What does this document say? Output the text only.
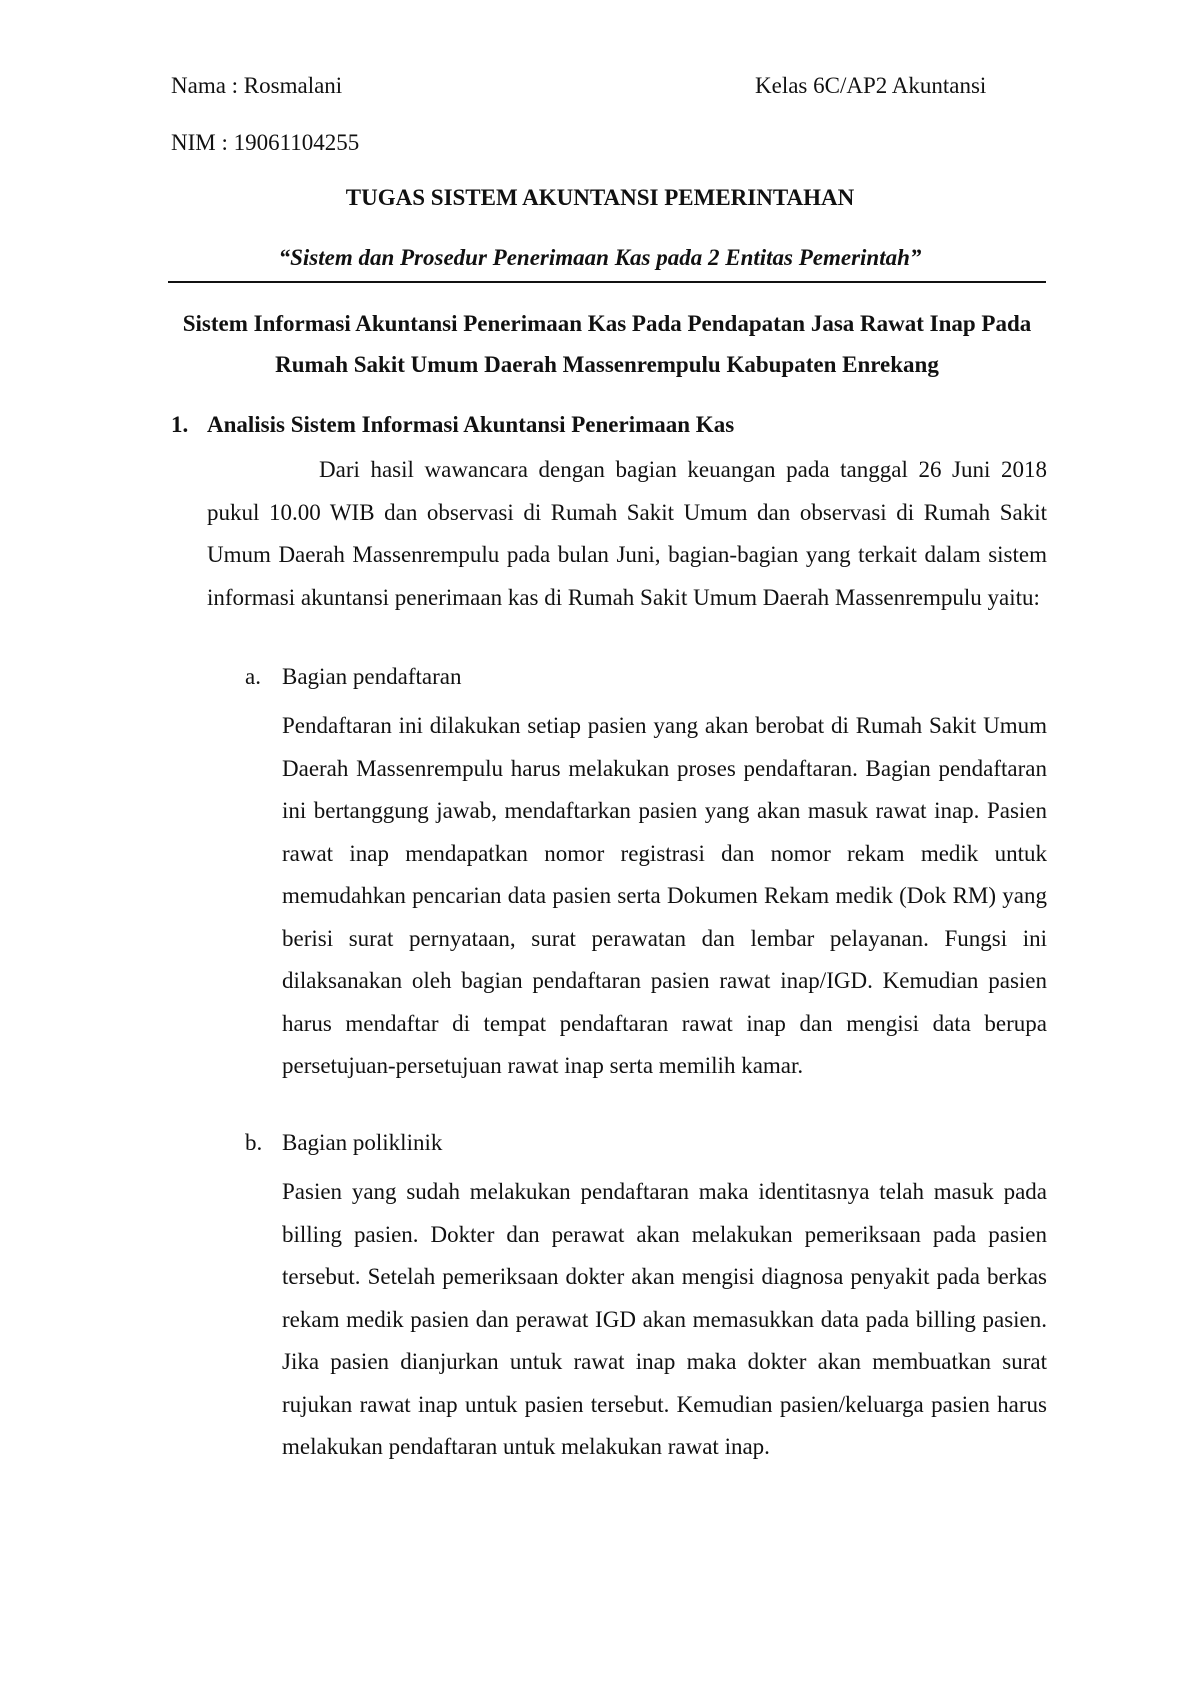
Nama : Rosmalani	Kelas 6C/AP2 Akuntansi
NIM : 19061104255
TUGAS SISTEM AKUNTANSI PEMERINTAHAN
“Sistem dan Prosedur Penerimaan Kas pada 2 Entitas Pemerintah”
Sistem Informasi Akuntansi Penerimaan Kas Pada Pendapatan Jasa Rawat Inap Pada Rumah Sakit Umum Daerah Massenrempulu Kabupaten Enrekang
1. Analisis Sistem Informasi Akuntansi Penerimaan Kas

Dari hasil wawancara dengan bagian keuangan pada tanggal 26 Juni 2018 pukul 10.00 WIB dan observasi di Rumah Sakit Umum dan observasi di Rumah Sakit Umum Daerah Massenrempulu pada bulan Juni, bagian-bagian yang terkait dalam sistem informasi akuntansi penerimaan kas di Rumah Sakit Umum Daerah Massenrempulu yaitu:

a. Bagian pendaftaran

Pendaftaran ini dilakukan setiap pasien yang akan berobat di Rumah Sakit Umum Daerah Massenrempulu harus melakukan proses pendaftaran. Bagian pendaftaran ini bertanggung jawab, mendaftarkan pasien yang akan masuk rawat inap. Pasien rawat inap mendapatkan nomor registrasi dan nomor rekam medik untuk memudahkan pencarian data pasien serta Dokumen Rekam medik (Dok RM) yang berisi surat pernyataan, surat perawatan dan lembar pelayanan. Fungsi ini dilaksanakan oleh bagian pendaftaran pasien rawat inap/IGD. Kemudian pasien harus mendaftar di tempat pendaftaran rawat inap dan mengisi data berupa persetujuan-persetujuan rawat inap serta memilih kamar.

b. Bagian poliklinik

Pasien yang sudah melakukan pendaftaran maka identitasnya telah masuk pada billing pasien. Dokter dan perawat akan melakukan pemeriksaan pada pasien tersebut. Setelah pemeriksaan dokter akan mengisi diagnosa penyakit pada berkas rekam medik pasien dan perawat IGD akan memasukkan data pada billing pasien. Jika pasien dianjurkan untuk rawat inap maka dokter akan membuatkan surat rujukan rawat inap untuk pasien tersebut. Kemudian pasien/keluarga pasien harus melakukan pendaftaran untuk melakukan rawat inap.
